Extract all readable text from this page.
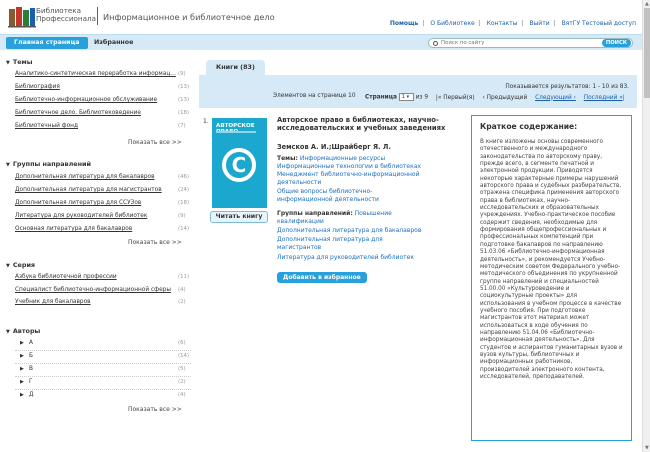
Библиотека
Профессионала Информационное и библиотечное дело
Помощь | О Библиотеке | Контакты | Выйти | ВятГУ Тестовый доступ
Главная страница	Избранное
Поиск по сайту	ПОИСК
▼ Темы
Аналитико-синтетическая переработка информац... (9)
Библиография	(13)
Библиотечно-информационное обслуживание	(13)
Библиотечное дело. Библиотековедение	(18)
Библиотечный фонд	(7)
Показать все >>
▼ Группы направлений
Дополнительная литература для бакалавров	(46)
Дополнительная литература для магистрантов	(24)
Дополнительная литература для ССУЗов	(18)
Литература для руководителей библиотек	(9)
Основная литература для бакалавров	(14)
Показать все >>
▼ Серия
Азбука библиотечной профессии	(11)
Специалист библиотечно-информационной сферы (4)
Учебник для бакалавров	(2)
▼ Авторы
▶ А	(6)
▶ Б	(14)
▶ В	(5)
▶ Г	(2)
▶ Д	(4)
Показать все >>
Книги (83)
Показывается результатов: 1 - 10 из 83.
Элементов на странице 10 Страница 1 ▾ из 9 |« Первый(я) ‹ Предыдущий Следующий › Последний »|
1.
АВТОРСКОЕ
C
Читать книгу
Авторское право в библиотеках, научно-исследовательских и учебных заведениях
Земсков А. И.;Шрайберг Я. Л.
Темы: Информационные ресурсы
Информационные технологии в библиотеках
Менеджмент библиотечно-информационной
деятельности
Общие вопросы библиотечно-
информационной деятельности
Группы направлений: Повышение
квалификации
Дополнительная литература для бакалавров
Дополнительная литература для
магистрантов
Литература для руководителей библиотек
Добавить в избранное
Краткое содержание:

В книге изложены основы современного отечественного и международного законодательства по авторскому праву, прежде всего, в сегменте печатной и электронной продукции. Приводятся некоторые характерные примеры нарушений авторского права и судебных разбирательств, отражена специфика применения авторского права в библиотеках, научно-исследовательских и образовательных учреждениях. Учебно-практическое пособие содержит сведения, необходимые для формирования общепрофессиональных и профессиональных компетенций при подготовке бакалавров по направлению 51.03.06 «Библиотечно-информационная деятельность», и рекомендуется Учебно-методическим советом Федерального учебно-методического объединения по укрупненной группе направлений и специальностей 51.00.00 «Культуроведение и социокультурные проекты» для использования в учебном процессе в качестве учебного пособия. При подготовке магистрантов этот материал может использоваться в ходе обучения по направлению 51.04.06 «Библиотечно-информационная деятельность». Для студентов и аспирантов гуманитарных вузов и вузов культуры, библиотечных и информационных работников, производителей электронного контента, исследователей, преподавателей.

▲
▼
